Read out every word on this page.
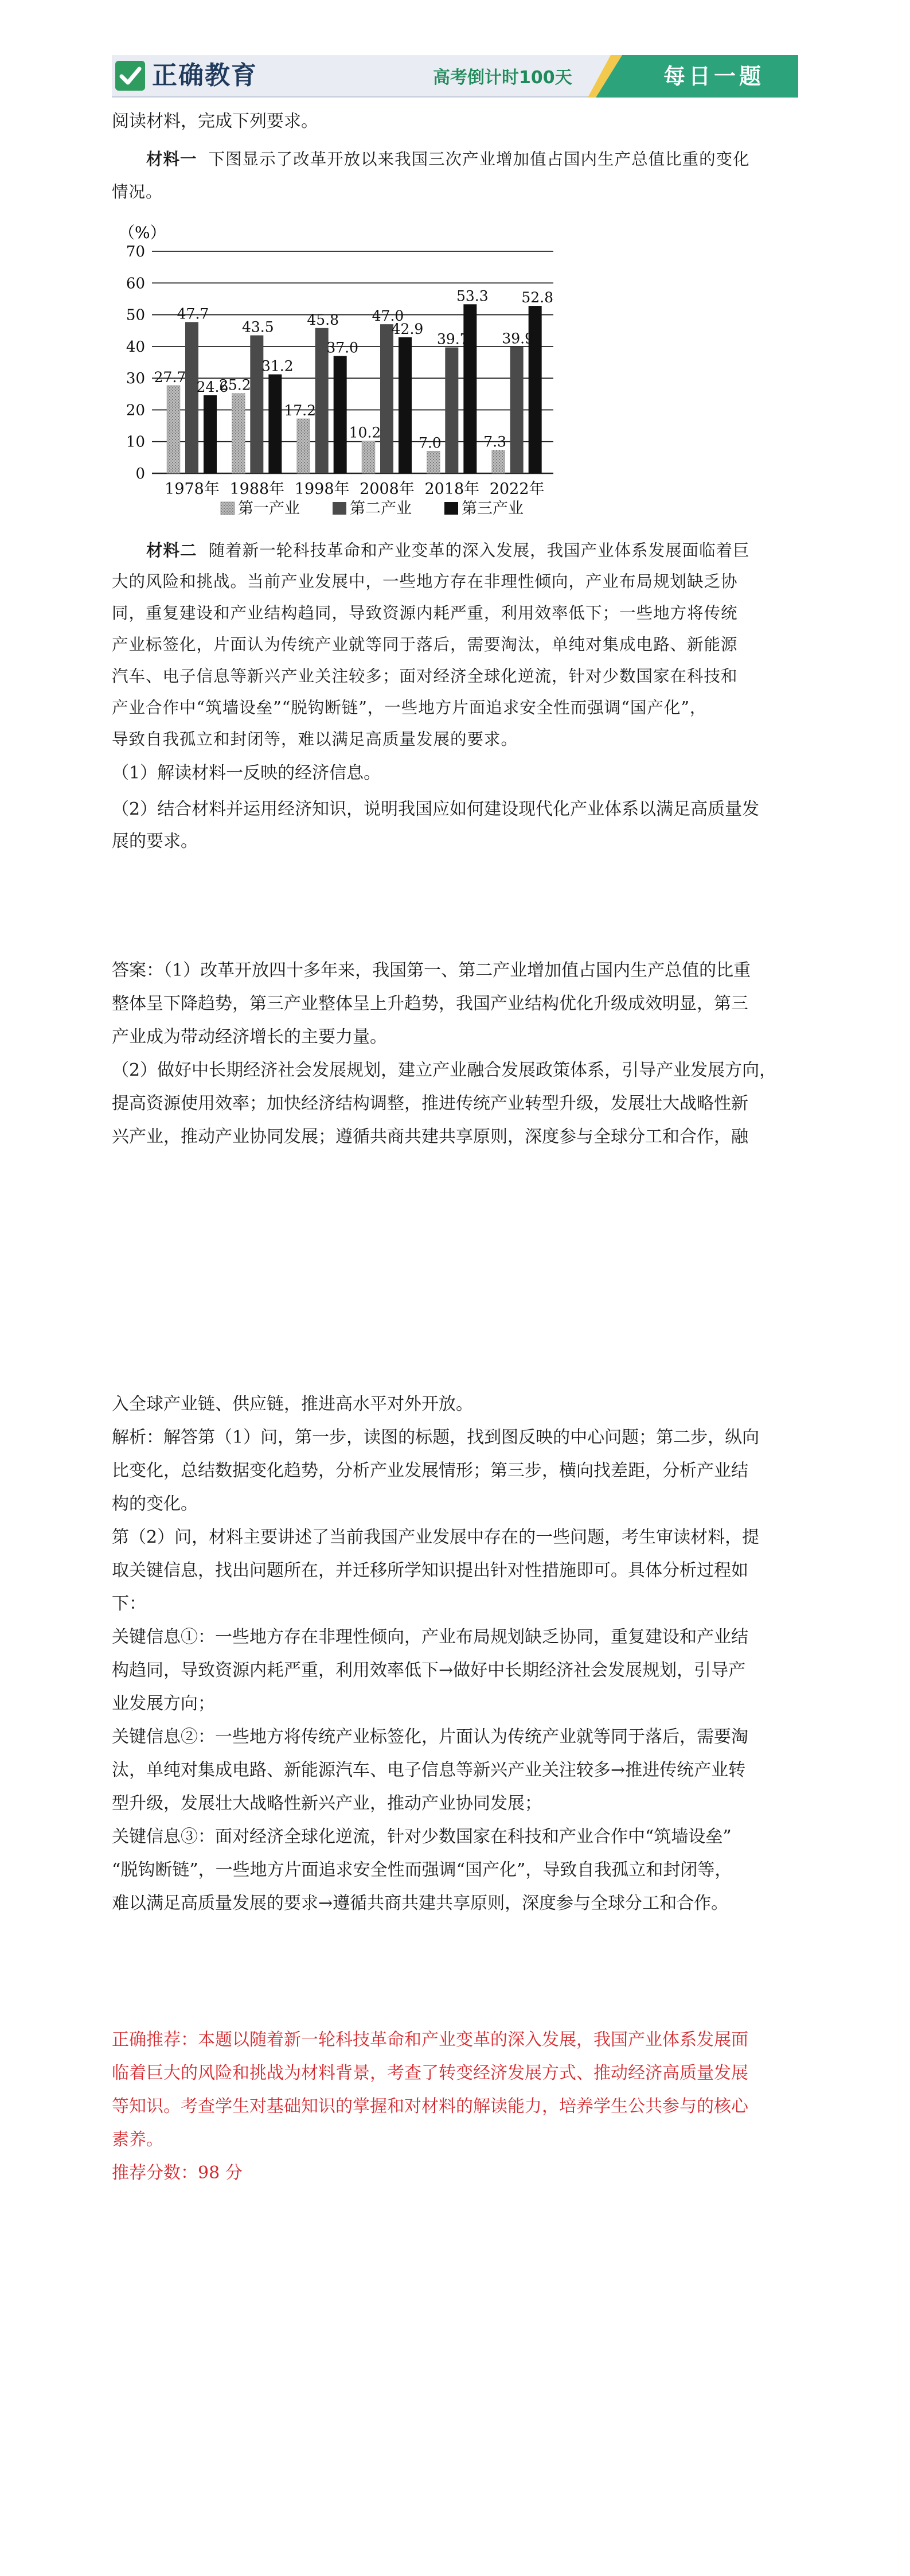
正确教育	高考倒计时100天	每日一题

阅读材料，完成下列要求。

材料一 下图显示了改革开放以来我国三次产业增加值占国内生产总值比重的变化

情况。

（%）
0
10
20
30
40
50
60
70
27.7
47.7
24.6
25.2
43.5
31.2
17.2
45.8
37.0
10.2
47.0
42.9
7.0
39.7
53.3
7.3
39.9
52.8
1978年 1988年 1998年 2008年 2018年 2022年
第一产业	第二产业	第三产业

材料二 随着新一轮科技革命和产业变革的深入发展，我国产业体系发展面临着巨

大的风险和挑战。当前产业发展中，一些地方存在非理性倾向，产业布局规划缺乏协

同，重复建设和产业结构趋同，导致资源内耗严重，利用效率低下；一些地方将传统

产业标签化，片面认为传统产业就等同于落后，需要淘汰，单纯对集成电路、新能源

汽车、电子信息等新兴产业关注较多；面对经济全球化逆流，针对少数国家在科技和

产业合作中“筑墙设垒”“脱钩断链”，一些地方片面追求安全性而强调“国产化”，

导致自我孤立和封闭等，难以满足高质量发展的要求。

（1）解读材料一反映的经济信息。

（2）结合材料并运用经济知识，说明我国应如何建设现代化产业体系以满足高质量发

展的要求。

答案：（1）改革开放四十多年来，我国第一、第二产业增加值占国内生产总值的比重

整体呈下降趋势，第三产业整体呈上升趋势，我国产业结构优化升级成效明显，第三

产业成为带动经济增长的主要力量。

（2）做好中长期经济社会发展规划，建立产业融合发展政策体系，引导产业发展方向，

提高资源使用效率；加快经济结构调整，推进传统产业转型升级，发展壮大战略性新

兴产业，推动产业协同发展；遵循共商共建共享原则，深度参与全球分工和合作，融

入全球产业链、供应链，推进高水平对外开放。

解析：解答第（1）问，第一步，读图的标题，找到图反映的中心问题；第二步，纵向

比变化，总结数据变化趋势，分析产业发展情形；第三步，横向找差距，分析产业结

构的变化。

第（2）问，材料主要讲述了当前我国产业发展中存在的一些问题，考生审读材料，提

取关键信息，找出问题所在，并迁移所学知识提出针对性措施即可。具体分析过程如

下：

关键信息①：一些地方存在非理性倾向，产业布局规划缺乏协同，重复建设和产业结

构趋同，导致资源内耗严重，利用效率低下→做好中长期经济社会发展规划，引导产

业发展方向；

关键信息②：一些地方将传统产业标签化，片面认为传统产业就等同于落后，需要淘

汰，单纯对集成电路、新能源汽车、电子信息等新兴产业关注较多→推进传统产业转

型升级，发展壮大战略性新兴产业，推动产业协同发展；

关键信息③：面对经济全球化逆流，针对少数国家在科技和产业合作中“筑墙设垒”

“脱钩断链”，一些地方片面追求安全性而强调“国产化”，导致自我孤立和封闭等，

难以满足高质量发展的要求→遵循共商共建共享原则，深度参与全球分工和合作。

正确推荐：本题以随着新一轮科技革命和产业变革的深入发展，我国产业体系发展面

临着巨大的风险和挑战为材料背景，考查了转变经济发展方式、推动经济高质量发展

等知识。考查学生对基础知识的掌握和对材料的解读能力，培养学生公共参与的核心

素养。

推荐分数：98 分
